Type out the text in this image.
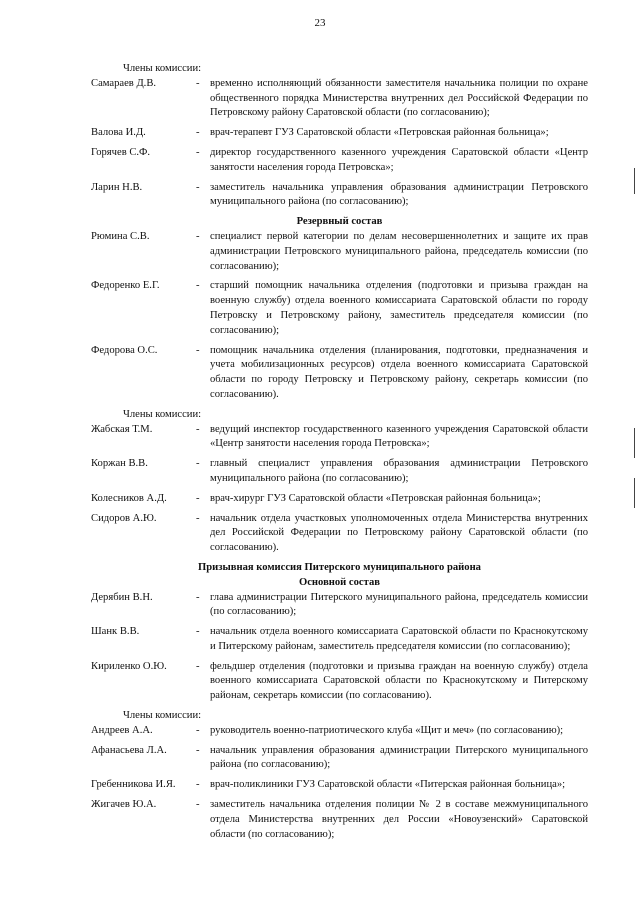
23
Члены комиссии:
Самараев Д.В.	- временно исполняющий обязанности заместителя начальника полиции по охране общественного порядка Министерства внутренних дел Российской Федерации по Петровскому району Саратовской области (по согласованию);
Валова И.Д.	- врач-терапевт ГУЗ Саратовской области «Петровская районная больница»;
Горячев С.Ф.	- директор государственного казенного учреждения Саратовской области «Центр занятости населения города Петровска»;
Ларин Н.В.	- заместитель начальника управления образования администрации Петровского муниципального района (по согласованию);
Резервный состав
Рюмина С.В.	- специалист первой категории по делам несовершеннолетних и защите их прав администрации Петровского муниципального района, председатель комиссии (по согласованию);
Федоренко Е.Г.	- старший помощник начальника отделения (подготовки и призыва граждан на военную службу) отдела военного комиссариата Саратовской области по городу Петровску и Петровскому району, заместитель председателя комиссии (по согласованию);
Федорова О.С.	- помощник начальника отделения (планирования, подготовки, предназначения и учета мобилизационных ресурсов) отдела военного комиссариата Саратовской области по городу Петровску и Петровскому району, секретарь комиссии (по согласованию).
Члены комиссии:
Жабская Т.М.	- ведущий инспектор государственного казенного учреждения Саратовской области «Центр занятости населения города Петровска»;
Коржан В.В.	- главный специалист управления образования администрации Петровского муниципального района (по согласованию);
Колесников А.Д.	- врач-хирург ГУЗ Саратовской области «Петровская районная больница»;
Сидоров А.Ю.	- начальник отдела участковых уполномоченных отдела Министерства внутренних дел Российской Федерации по Петровскому району Саратовской области (по согласованию).
Призывная комиссия Питерского муниципального района
Основной состав
Дерябин В.Н.	- глава администрации Питерского муниципального района, председатель комиссии (по согласованию);
Шанк В.В.	- начальник отдела военного комиссариата Саратовской области по Краснокутскому и Питерскому районам, заместитель председателя комиссии (по согласованию);
Кириленко О.Ю.	- фельдшер отделения (подготовки и призыва граждан на военную службу) отдела военного комиссариата Саратовской области по Краснокутскому и Питерскому районам, секретарь комиссии (по согласованию).
Члены комиссии:
Андреев А.А.	- руководитель военно-патриотического клуба «Щит и меч» (по согласованию);
Афанасьева Л.А.	- начальник управления образования администрации Питерского муниципального района (по согласованию);
Гребенникова И.Я.	- врач-поликлиники ГУЗ Саратовской области «Питерская районная больница»;
Жигачев Ю.А.	- заместитель начальника отделения полиции № 2 в составе межмуниципального отдела Министерства внутренних дел России «Новоузенский» Саратовской области (по согласованию);
